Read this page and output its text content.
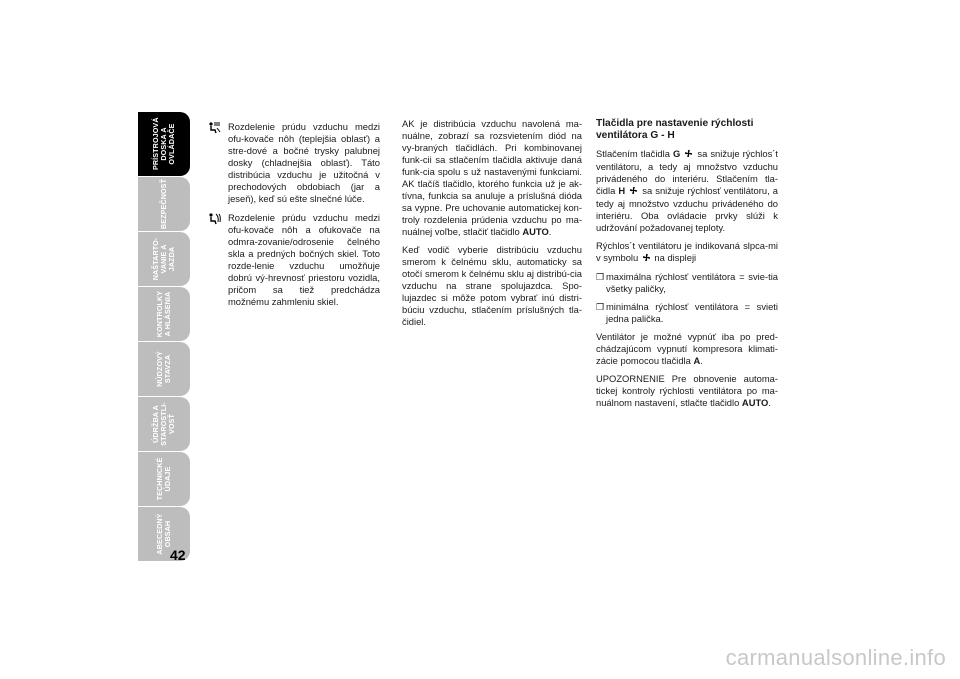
PRÍSTROJOVÁ
DOSKA A
OVLÁDAČE
BEZPEČNOSŤ
NAŠTARTO-
VANIE A
JAZDA
KONTROLKY
A HLÁSENIA
NÚDZOVÝ
STAVZA
ÚDRŽBA A
STAROSTLI-
VOSŤ
TECHNICKÉ
ÚDAJE
ABECEDNÝ
OBSAH
42
Rozdelenie prúdu vzduchu medzi ofu-kovače nôh (teplejšia oblasť) a stre-dové a bočné trysky palubnej dosky (chladnejšia oblasť). Táto distribúcia vzduchu je užitočná v prechodových obdobiach (jar a jeseň), keď sú ešte slnečné lúče.
Rozdelenie prúdu vzduchu medzi ofu-kovače nôh a ofukovače na odmra-zovanie/odrosenie čelného skla a predných bočných skiel. Toto rozde-lenie vzduchu umožňuje dobrú vý-hrevnosť priestoru vozidla, pričom sa tiež predchádza možnému zahmleniu skiel.

AK je distribúcia vzduchu navolená ma-nuálne, zobrazí sa rozsvietením diód na vy-braných tlačidlách. Pri kombinovanej funk-cii sa stlačením tlačidla aktivuje daná funk-cia spolu s už nastavenými funkciami. AK tlačíš tlačidlo, ktorého funkcia už je ak-tívna, funkcia sa anuluje a príslušná dióda sa vypne. Pre uchovanie automatickej kon-troly rozdelenia prúdenia vzduchu po ma-nuálnej voľbe, stlačiť tlačidlo AUTO.

Keď vodič vyberie distribúciu vzduchu smerom k čelnému sklu, automaticky sa otočí smerom k čelnému sklu aj distribú-cia vzduchu na strane spolujazdca. Spo-lujazdec si môže potom vybrať inú distri-búciu vzduchu, stlačením príslušných tla-čidiel.

Tlačidla pre nastavenie rýchlosti ventilátora G - H

Stlačením tlačidla G sa snižuje rýchlos´t ventilátoru, a tedy aj množstvo vzduchu privádeného do interiéru. Stlačením tla-čidla H sa snižuje rýchlosť ventilátoru, a tedy aj množstvo vzduchu privádeného do interiéru. Oba ovládacie prvky slúži k udržování požadovanej teploty.

Rýchlos´t ventilátoru je indikovaná slpca-mi v symbolu na displeji

❒ maximálna rýchlosť ventilátora = svie-tia všetky paličky,
❒ minimálna rýchlosť ventilátora = svieti jedna palička.

Ventilátor je možné vypnúť iba po pred-chádzajúcom vypnutí kompresora klimati-zácie pomocou tlačidla A.

UPOZORNENIE Pre obnovenie automa-tickej kontroly rýchlosti ventilátora po ma-nuálnom nastavení, stlačte tlačidlo AUTO.

carmanualsonline.info
